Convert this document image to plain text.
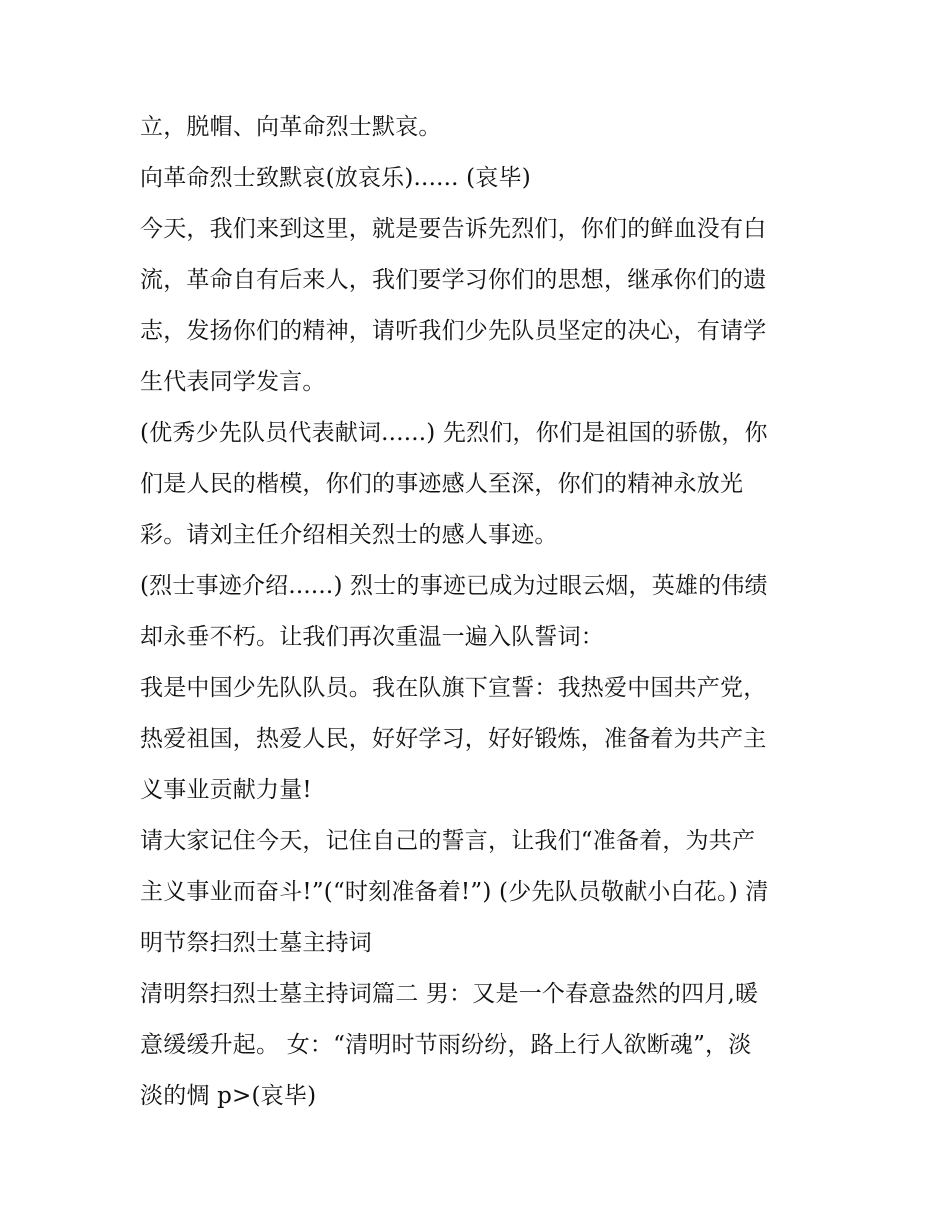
立，脱帽、向革命烈士默哀。
向革命烈士致默哀(放哀乐)...... (哀毕)
今天，我们来到这里，就是要告诉先烈们，你们的鲜血没有白
流，革命自有后来人，我们要学习你们的思想，继承你们的遗
志，发扬你们的精神，请听我们少先队员坚定的决心，有请学
生代表同学发言。
(优秀少先队员代表献词......) 先烈们，你们是祖国的骄傲，你
们是人民的楷模，你们的事迹感人至深，你们的精神永放光
彩。请刘主任介绍相关烈士的感人事迹。
(烈士事迹介绍......) 烈士的事迹已成为过眼云烟，英雄的伟绩
却永垂不朽。让我们再次重温一遍入队誓词：
我是中国少先队队员。我在队旗下宣誓：我热爱中国共产党，
热爱祖国，热爱人民，好好学习，好好锻炼，准备着为共产主
义事业贡献力量!
请大家记住今天，记住自己的誓言，让我们“准备着，为共产
主义事业而奋斗!”(“时刻准备着!”) (少先队员敬献小白花。) 清
明节祭扫烈士墓主持词
清明祭扫烈士墓主持词篇二 男：又是一个春意盎然的四月,暖
意缓缓升起。 女：“清明时节雨纷纷，路上行人欲断魂”，淡
淡的惆 p>(哀毕)
